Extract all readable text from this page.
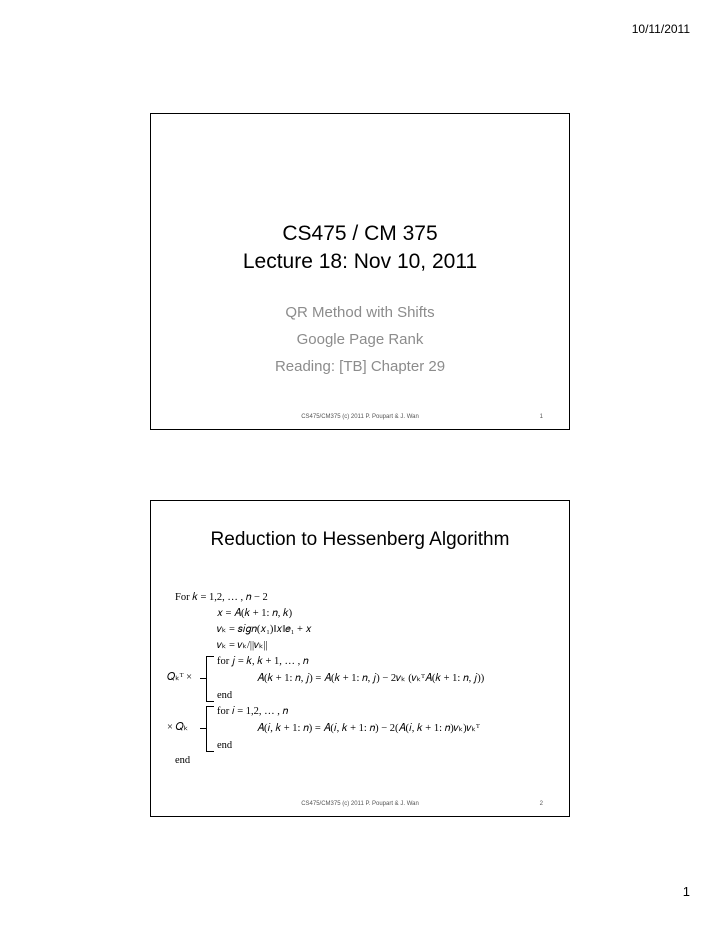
10/11/2011
CS475 / CM 375
Lecture 18: Nov 10, 2011
QR Method with Shifts
Google Page Rank
Reading: [TB] Chapter 29
CS475/CM375 (c) 2011 P. Poupart & J. Wan	1
Reduction to Hessenberg Algorithm
For 𝑘 = 1,2, … , 𝑛 − 2
𝑥 = 𝐴(𝑘 + 1: 𝑛, 𝑘)
𝑣ₖ = 𝑠𝑖𝑔𝑛(𝑥₁)‖𝑥‖𝑒₁ + 𝑥
𝑣ₖ = 𝑣ₖ/||𝑣ₖ||
𝑄ₖᵀ ×
for 𝑗 = 𝑘, 𝑘 + 1, … , 𝑛
𝐴(𝑘 + 1: 𝑛, 𝑗) = 𝐴(𝑘 + 1: 𝑛, 𝑗) − 2𝑣ₖ (𝑣ₖᵀ𝐴(𝑘 + 1: 𝑛, 𝑗))
end
× 𝑄ₖ
for 𝑖 = 1,2, … , 𝑛
𝐴(𝑖, 𝑘 + 1: 𝑛) = 𝐴(𝑖, 𝑘 + 1: 𝑛) − 2(𝐴(𝑖, 𝑘 + 1: 𝑛)𝑣ₖ)𝑣ₖᵀ
end
end
CS475/CM375 (c) 2011 P. Poupart & J. Wan	2
1
